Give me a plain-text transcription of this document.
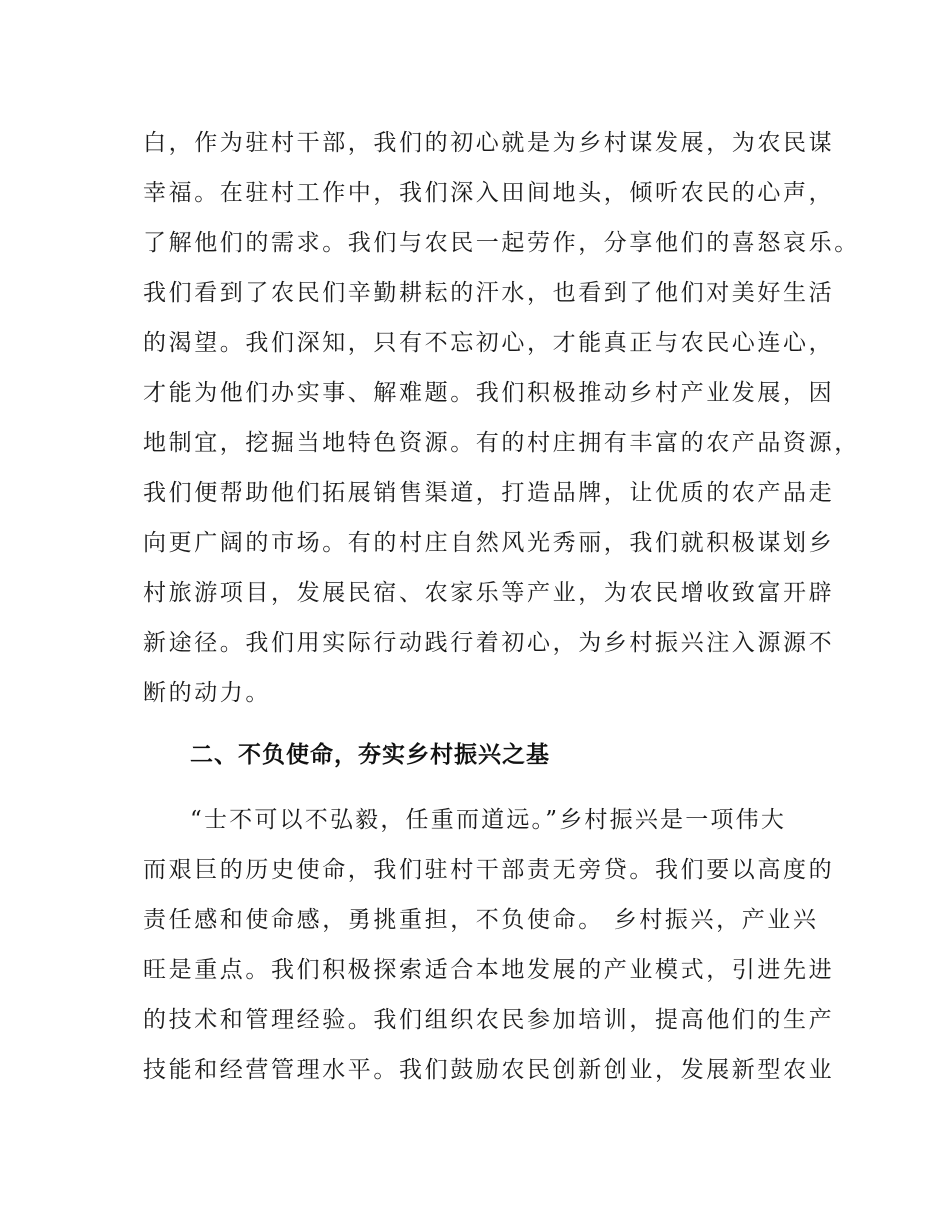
白，作为驻村干部，我们的初心就是为乡村谋发展，为农民谋
幸福。在驻村工作中，我们深入田间地头，倾听农民的心声，
了解他们的需求。我们与农民一起劳作，分享他们的喜怒哀乐。
我们看到了农民们辛勤耕耘的汗水，也看到了他们对美好生活
的渴望。我们深知，只有不忘初心，才能真正与农民心连心，
才能为他们办实事、解难题。我们积极推动乡村产业发展，因
地制宜，挖掘当地特色资源。有的村庄拥有丰富的农产品资源，
我们便帮助他们拓展销售渠道，打造品牌，让优质的农产品走
向更广阔的市场。有的村庄自然风光秀丽，我们就积极谋划乡
村旅游项目，发展民宿、农家乐等产业，为农民增收致富开辟
新途径。我们用实际行动践行着初心，为乡村振兴注入源源不
断的动力。
二、不负使命，夯实乡村振兴之基
“士不可以不弘毅，任重而道远。”乡村振兴是一项伟大
而艰巨的历史使命，我们驻村干部责无旁贷。我们要以高度的
责任感和使命感，勇挑重担，不负使命。 乡村振兴，产业兴
旺是重点。我们积极探索适合本地发展的产业模式，引进先进
的技术和管理经验。我们组织农民参加培训，提高他们的生产
技能和经营管理水平。我们鼓励农民创新创业，发展新型农业
